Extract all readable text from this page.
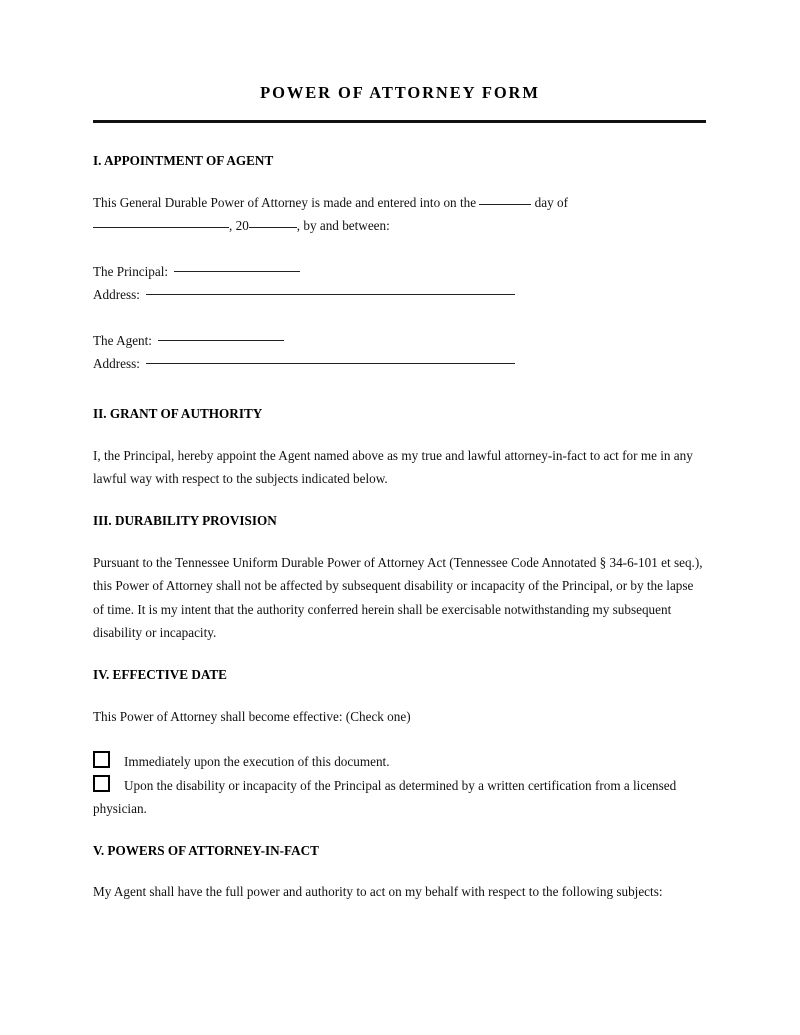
POWER OF ATTORNEY FORM
I. APPOINTMENT OF AGENT
This General Durable Power of Attorney is made and entered into on the	day of
, 20	, by and between:
The Principal:
Address:
The Agent:
Address:
II. GRANT OF AUTHORITY
I, the Principal, hereby appoint the Agent named above as my true and lawful attorney-in-fact to act for me in any lawful way with respect to the subjects indicated below.
III. DURABILITY PROVISION
Pursuant to the Tennessee Uniform Durable Power of Attorney Act (Tennessee Code Annotated § 34-6-101 et seq.), this Power of Attorney shall not be affected by subsequent disability or incapacity of the Principal, or by the lapse of time. It is my intent that the authority conferred herein shall be exercisable notwithstanding my subsequent disability or incapacity.
IV. EFFECTIVE DATE
This Power of Attorney shall become effective: (Check one)
Immediately upon the execution of this document.
Upon the disability or incapacity of the Principal as determined by a written certification from a licensed physician.
V. POWERS OF ATTORNEY-IN-FACT
My Agent shall have the full power and authority to act on my behalf with respect to the following subjects:
